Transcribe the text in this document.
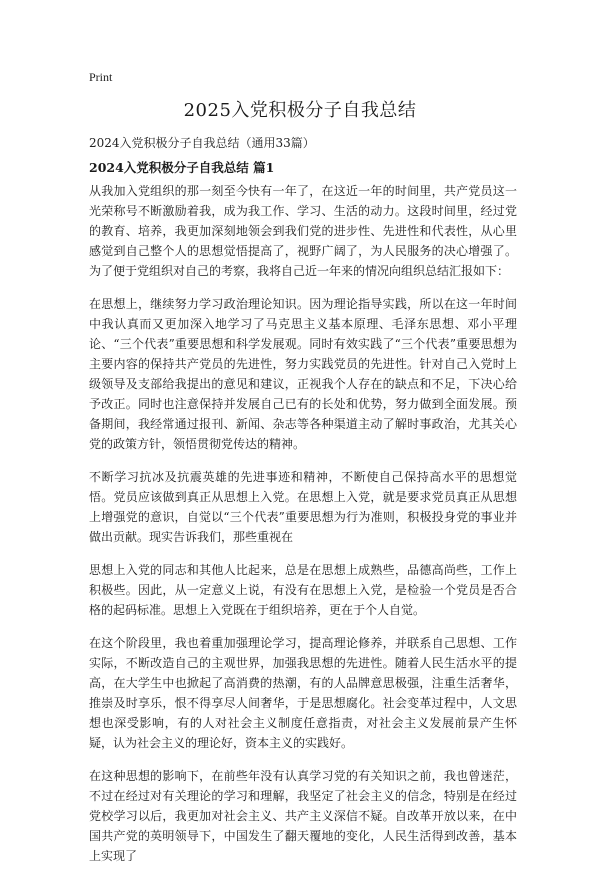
Print
2025入党积极分子自我总结
2024入党积极分子自我总结（通用33篇）
2024入党积极分子自我总结 篇1

从我加入党组织的那一刻至今快有一年了，在这近一年的时间里，共产党员这一光荣称号不断激励着我，成为我工作、学习、生活的动力。这段时间里，经过党的教育、培养，我更加深刻地领会到我们党的进步性、先进性和代表性，从心里感觉到自己整个人的思想觉悟提高了，视野广阔了，为人民服务的决心增强了。为了便于党组织对自己的考察，我将自己近一年来的情况向组织总结汇报如下：

在思想上，继续努力学习政治理论知识。因为理论指导实践，所以在这一年时间中我认真而又更加深入地学习了马克思主义基本原理、毛泽东思想、邓小平理论、“三个代表”重要思想和科学发展观。同时有效实践了“三个代表”重要思想为主要内容的保持共产党员的先进性，努力实践党员的先进性。针对自己入党时上级领导及支部给我提出的意见和建议，正视我个人存在的缺点和不足，下决心给予改正。同时也注意保持并发展自己已有的长处和优势，努力做到全面发展。预备期间，我经常通过报刊、新闻、杂志等各种渠道主动了解时事政治，尤其关心党的政策方针，领悟贯彻党传达的精神。

不断学习抗冰及抗震英雄的先进事迹和精神，不断使自己保持高水平的思想觉悟。党员应该做到真正从思想上入党。在思想上入党，就是要求党员真正从思想上增强党的意识，自觉以“三个代表”重要思想为行为准则，积极投身党的事业并做出贡献。现实告诉我们，那些重视在

思想上入党的同志和其他人比起来，总是在思想上成熟些，品德高尚些，工作上积极些。因此，从一定意义上说，有没有在思想上入党，是检验一个党员是否合格的起码标准。思想上入党既在于组织培养，更在于个人自觉。

在这个阶段里，我也着重加强理论学习，提高理论修养，并联系自己思想、工作实际，不断改造自己的主观世界，加强我思想的先进性。随着人民生活水平的提高，在大学生中也掀起了高消费的热潮，有的人品牌意思极强，注重生活奢华，推崇及时享乐，恨不得享尽人间奢华，于是思想腐化。社会变革过程中，人文思想也深受影响，有的人对社会主义制度任意指责，对社会主义发展前景产生怀疑，认为社会主义的理论好，资本主义的实践好。

在这种思想的影响下，在前些年没有认真学习党的有关知识之前，我也曾迷茫，不过在经过对有关理论的学习和理解，我坚定了社会主义的信念，特别是在经过党校学习以后，我更加对社会主义、共产主义深信不疑。自改革开放以来，在中国共产党的英明领导下，中国发生了翻天覆地的变化，人民生活得到改善，基本上实现了
